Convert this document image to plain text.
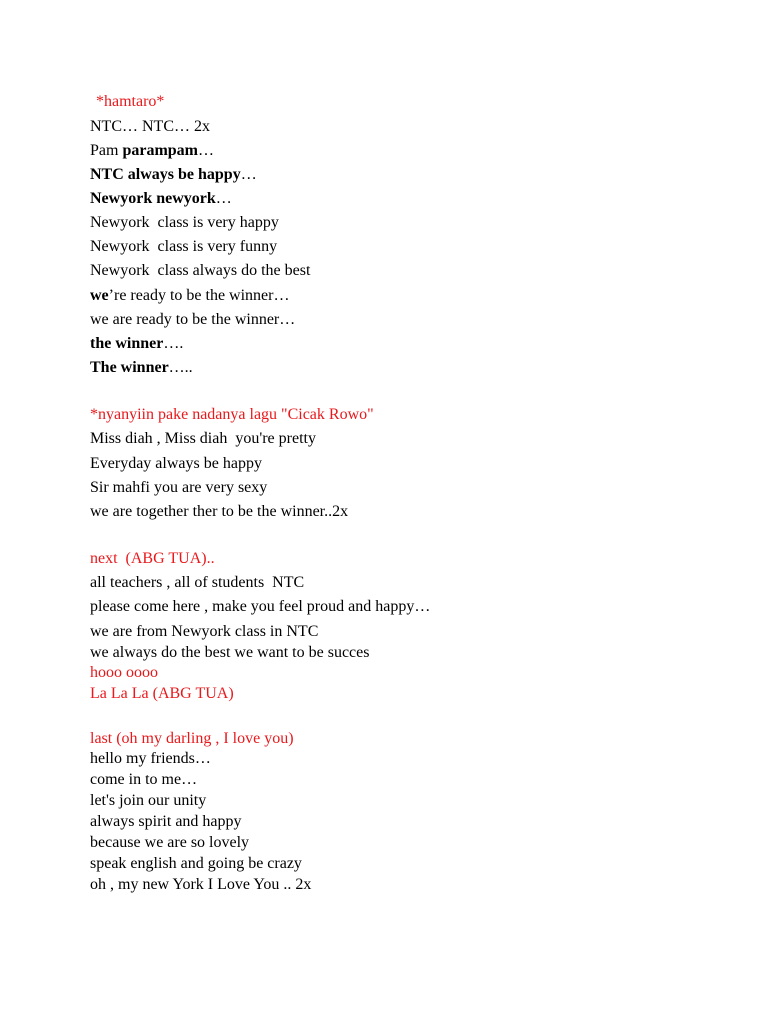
*hamtaro*
NTC… NTC… 2x
Pam parampam…
NTC always be happy…
Newyork newyork…
Newyork  class is very happy
Newyork  class is very funny
Newyork  class always do the best
we’re ready to be the winner…
we are ready to be the winner…
the winner….
The winner…..
*nyanyiin pake nadanya lagu "Cicak Rowo"
Miss diah , Miss diah  you're pretty
Everyday always be happy
Sir mahfi you are very sexy
we are together ther to be the winner..2x
next  (ABG TUA)..
all teachers , all of students  NTC
please come here , make you feel proud and happy…
we are from Newyork class in NTC
we always do the best we want to be succes
hooo oooo
La La La (ABG TUA)
last (oh my darling , I love you)
hello my friends…
come in to me…
let's join our unity
always spirit and happy
because we are so lovely
speak english and going be crazy
oh , my new York I Love You .. 2x
